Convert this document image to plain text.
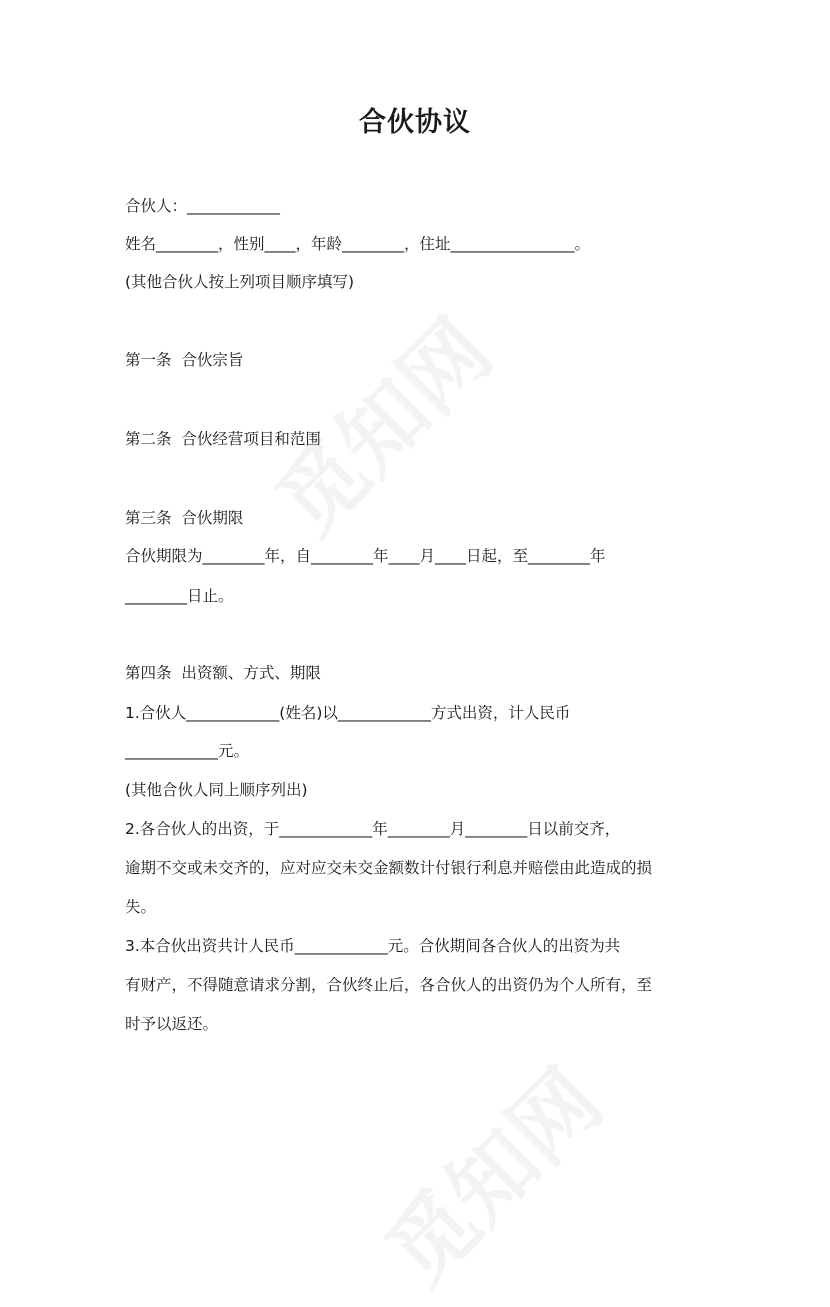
合伙协议
合伙人：____________
姓名________，性别____，年龄________，住址________________。
(其他合伙人按上列项目顺序填写)
第一条  合伙宗旨
第二条  合伙经营项目和范围
第三条  合伙期限
合伙期限为________年，自________年____月____日起，至________年
________日止。
第四条  出资额、方式、期限
1.合伙人____________(姓名)以____________方式出资，计人民币
____________元。
(其他合伙人同上顺序列出)
2.各合伙人的出资，于____________年________月________日以前交齐，
逾期不交或未交齐的，应对应交未交金额数计付银行利息并赔偿由此造成的损
失。
3.本合伙出资共计人民币____________元。合伙期间各合伙人的出资为共
有财产，不得随意请求分割，合伙终止后，各合伙人的出资仍为个人所有，至
时予以返还。
